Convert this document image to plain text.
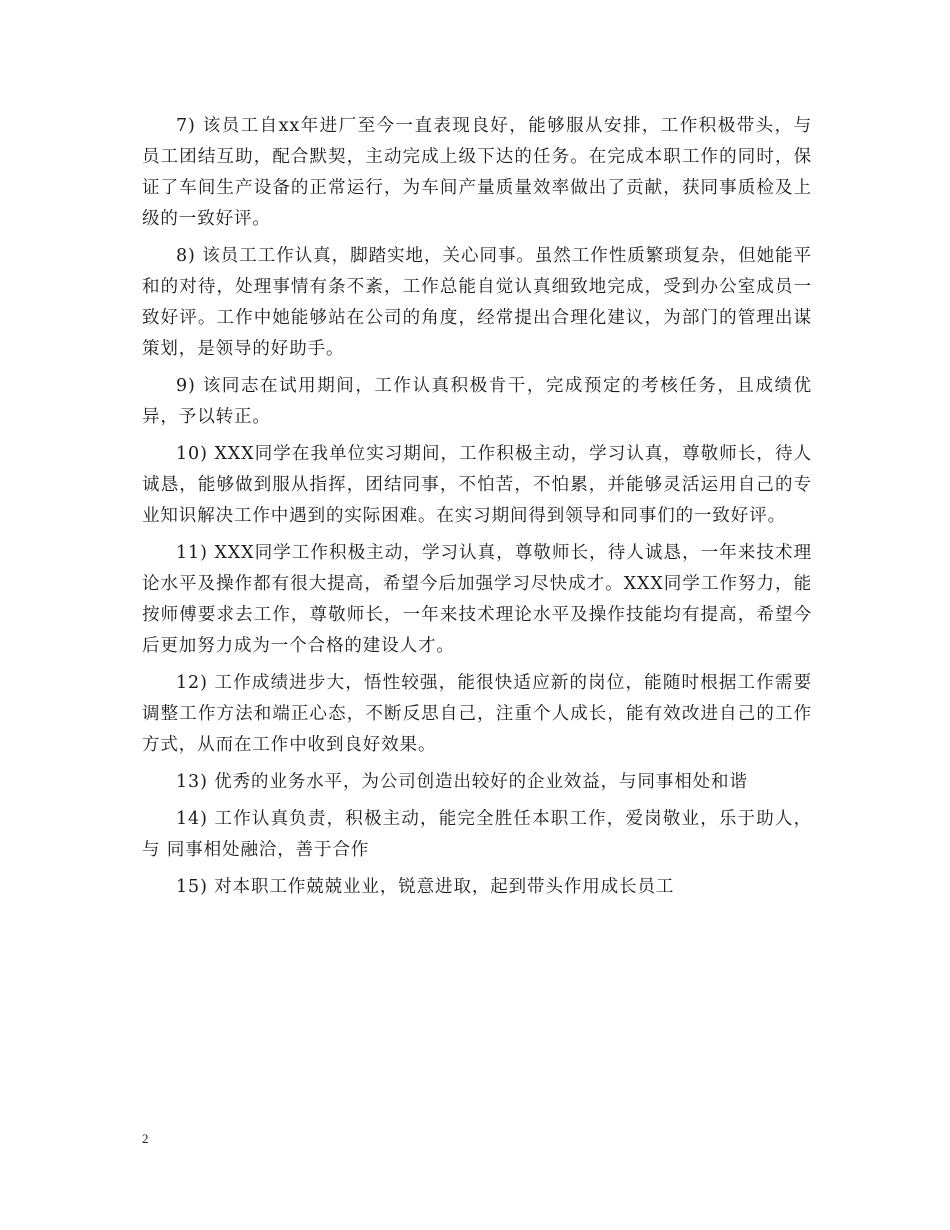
7) 该员工自xx年进厂至今一直表现良好，能够服从安排，工作积极带头，与员工团结互助，配合默契，主动完成上级下达的任务。在完成本职工作的同时，保证了车间生产设备的正常运行，为车间产量质量效率做出了贡献，获同事质检及上级的一致好评。

8) 该员工工作认真，脚踏实地，关心同事。虽然工作性质繁琐复杂，但她能平和的对待，处理事情有条不紊，工作总能自觉认真细致地完成，受到办公室成员一致好评。工作中她能够站在公司的角度，经常提出合理化建议，为部门的管理出谋策划，是领导的好助手。

9) 该同志在试用期间，工作认真积极肯干，完成预定的考核任务，且成绩优异，予以转正。

10) XXX同学在我单位实习期间，工作积极主动，学习认真，尊敬师长，待人诚恳，能够做到服从指挥，团结同事，不怕苦，不怕累，并能够灵活运用自己的专业知识解决工作中遇到的实际困难。在实习期间得到领导和同事们的一致好评。

11) XXX同学工作积极主动，学习认真，尊敬师长，待人诚恳，一年来技术理论水平及操作都有很大提高，希望今后加强学习尽快成才。XXX同学工作努力，能按师傅要求去工作，尊敬师长，一年来技术理论水平及操作技能均有提高，希望今后更加努力成为一个合格的建设人才。

12) 工作成绩进步大，悟性较强，能很快适应新的岗位，能随时根据工作需要调整工作方法和端正心态，不断反思自己，注重个人成长，能有效改进自己的工作方式，从而在工作中收到良好效果。

13) 优秀的业务水平，为公司创造出较好的企业效益，与同事相处和谐

14) 工作认真负责，积极主动，能完全胜任本职工作，爱岗敬业，乐于助人，与 同事相处融洽，善于合作

15) 对本职工作兢兢业业，锐意进取，起到带头作用成长员工

2
